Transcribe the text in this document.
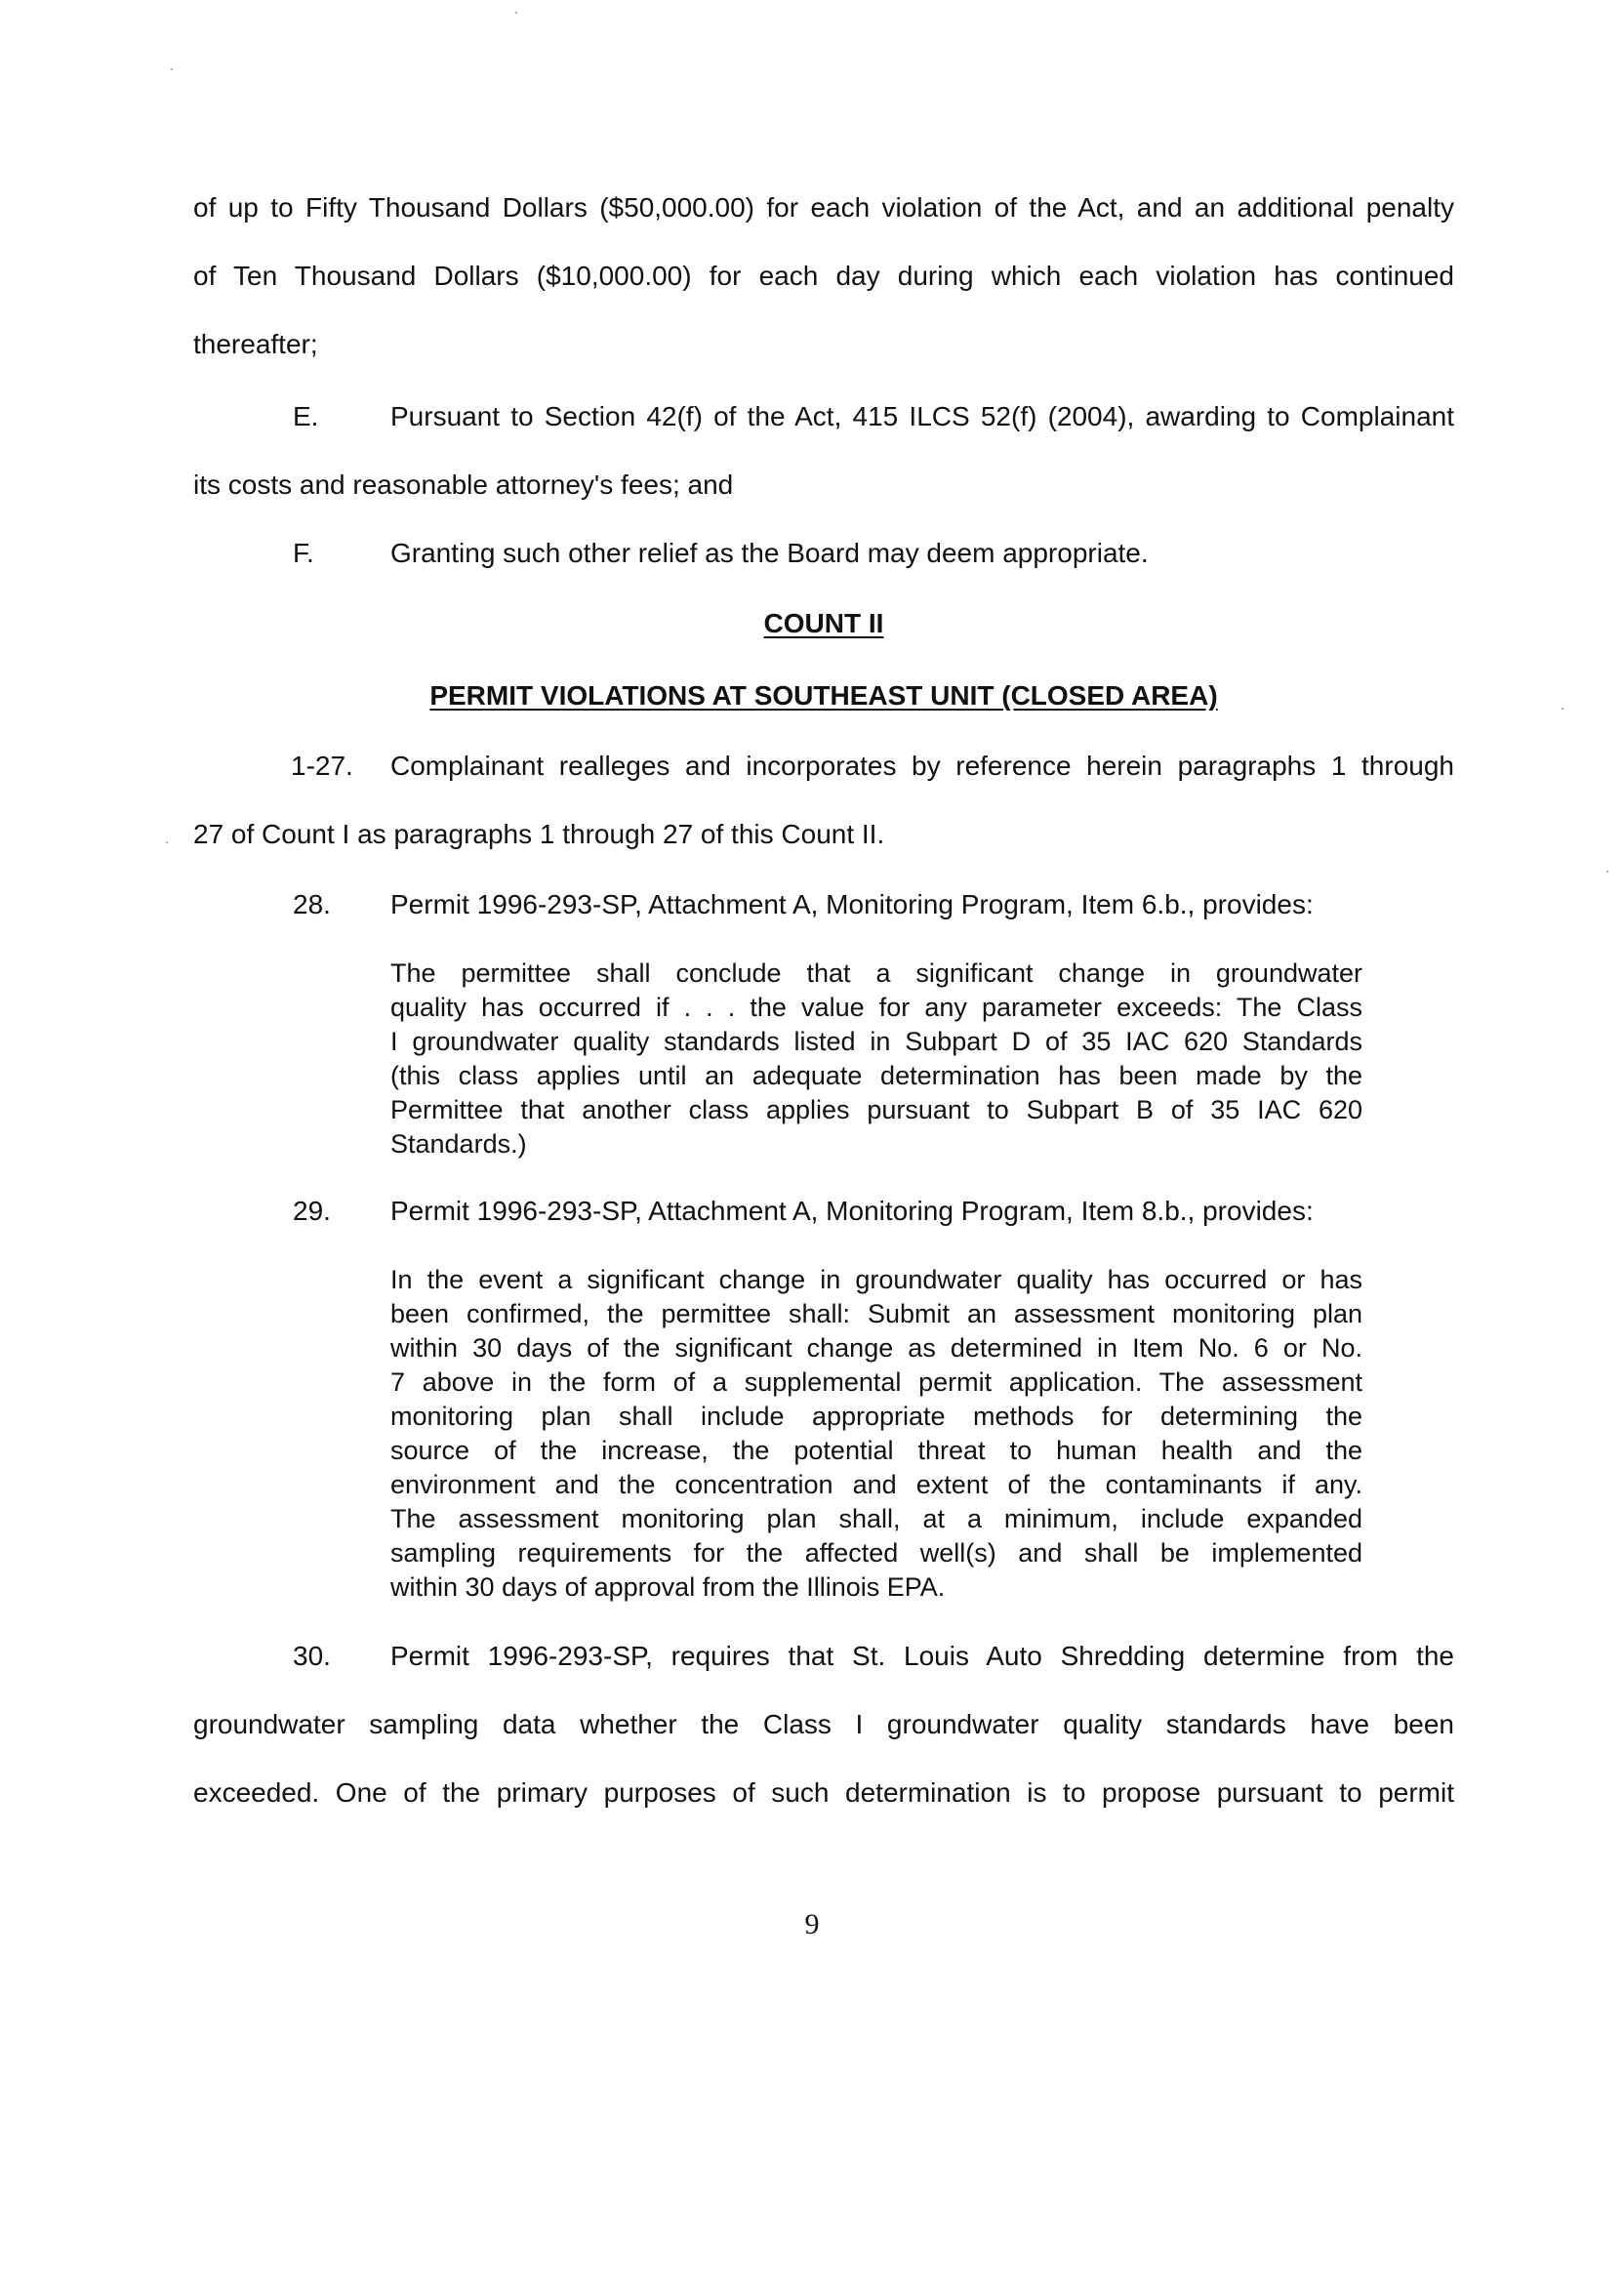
of up to Fifty Thousand Dollars ($50,000.00) for each violation of the Act, and an additional penalty
of Ten Thousand Dollars ($10,000.00) for each day during which each violation has continued
thereafter;
E.	Pursuant to Section 42(f) of the Act, 415 ILCS 52(f) (2004), awarding to Complainant
its costs and reasonable attorney's fees; and
F.	Granting such other relief as the Board may deem appropriate.
COUNT II
PERMIT VIOLATIONS AT SOUTHEAST UNIT (CLOSED AREA)
1-27. Complainant realleges and incorporates by reference herein paragraphs 1 through
27 of Count I as paragraphs 1 through 27 of this Count II.
28. Permit 1996-293-SP, Attachment A, Monitoring Program, Item 6.b., provides:
The permittee shall conclude that a significant change in groundwater
quality has occurred if . . . the value for any parameter exceeds: The Class
I groundwater quality standards listed in Subpart D of 35 IAC 620 Standards
(this class applies until an adequate determination has been made by the
Permittee that another class applies pursuant to Subpart B of 35 IAC 620
Standards.)
29. Permit 1996-293-SP, Attachment A, Monitoring Program, Item 8.b., provides:
In the event a significant change in groundwater quality has occurred or has
been confirmed, the permittee shall: Submit an assessment monitoring plan
within 30 days of the significant change as determined in Item No. 6 or No.
7 above in the form of a supplemental permit application. The assessment
monitoring plan shall include appropriate methods for determining the
source of the increase, the potential threat to human health and the
environment and the concentration and extent of the contaminants if any.
The assessment monitoring plan shall, at a minimum, include expanded
sampling requirements for the affected well(s) and shall be implemented
within 30 days of approval from the Illinois EPA.
30. Permit 1996-293-SP, requires that St. Louis Auto Shredding determine from the
groundwater sampling data whether the Class I groundwater quality standards have been
exceeded. One of the primary purposes of such determination is to propose pursuant to permit
9
